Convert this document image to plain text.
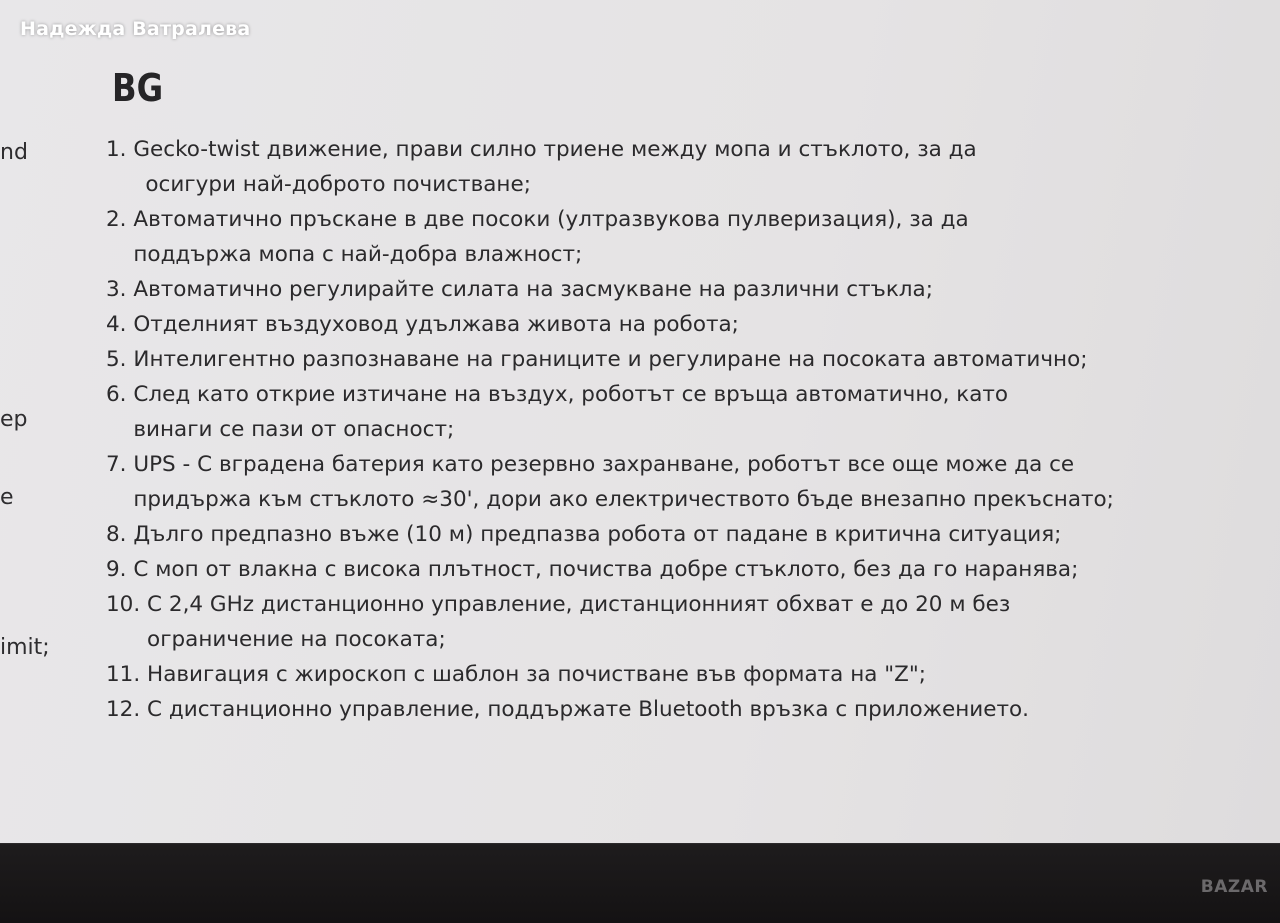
Надежда Ватралева
BG
nd
ep
e
imit;
1.
Gecko-twist движение, прави силно триене между мопа и стъклото, за да
осигури най-доброто почистване;
2.
Автоматично пръскане в две посоки (ултразвукова пулверизация), за да
поддържа мопа с най-добра влажност;
3.
Автоматично регулирайте силата на засмукване на различни стъкла;
4.
Отделният въздуховод удължава живота на робота;
5.
Интелигентно разпознаване на границите и регулиране на посоката автоматично;
6.
След като открие изтичане на въздух, роботът се връща автоматично, като
винаги се пази от опасност;
7.
UPS - С вградена батерия като резервно захранване, роботът все още може да се
придържа към стъклото ≈30', дори ако електричеството бъде внезапно прекъснато;
8.
Дълго предпазно въже (10 м) предпазва робота от падане в критична ситуация;
9.
С моп от влакна с висока плътност, почиства добре стъклото, без да го наранява;
10.
С 2,4 GHz дистанционно управление, дистанционният обхват е до 20 м без
ограничение на посоката;
11.
Навигация с жироскоп с шаблон за почистване във формата на "Z";
12.
С дистанционно управление, поддържате Bluetooth връзка с приложението.
BAZAR
